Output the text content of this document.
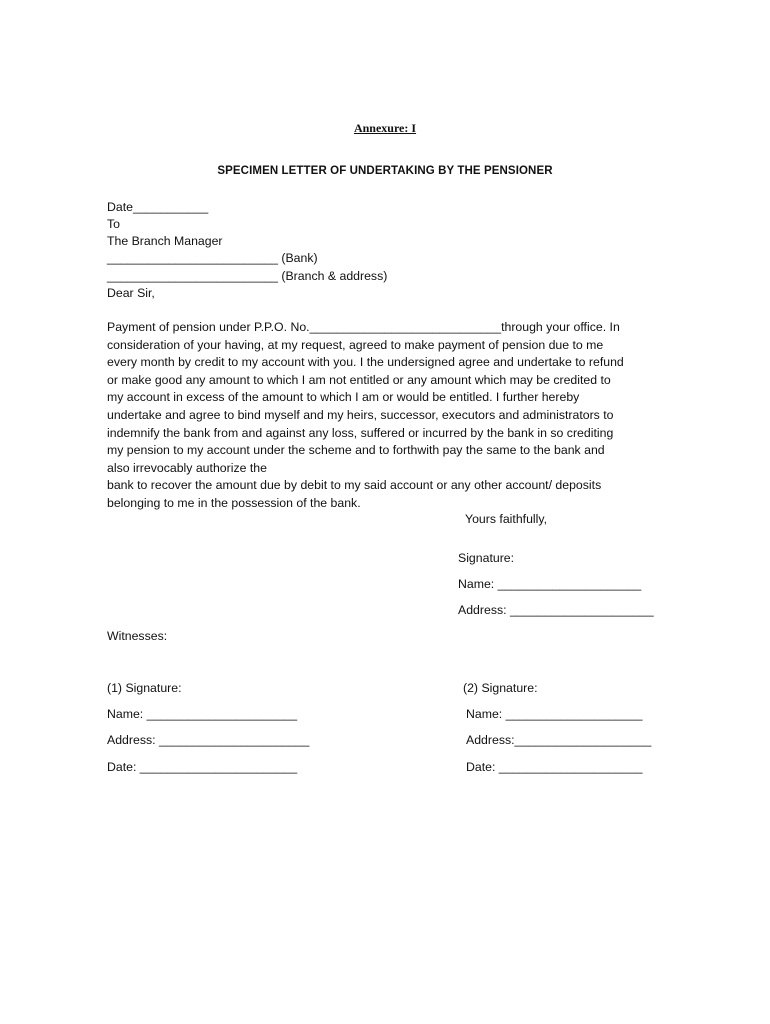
Annexure: I
SPECIMEN LETTER OF UNDERTAKING BY THE PENSIONER
Date___________
To
The Branch Manager
_________________________ (Bank)
_________________________ (Branch & address)
Dear Sir,
Payment of pension under P.P.O. No.____________________________through your office. In
consideration of your having, at my request, agreed to make payment of pension due to me
every month by credit to my account with you. I the undersigned agree and undertake to refund
or make good any amount to which I am not entitled or any amount which may be credited to
my account in excess of the amount to which I am or would be entitled. I further hereby
undertake and agree to bind myself and my heirs, successor, executors and administrators to
indemnify the bank from and against any loss, suffered or incurred by the bank in so crediting
my pension to my account under the scheme and to forthwith pay the same to the bank and
also irrevocably authorize the
bank to recover the amount due by debit to my said account or any other account/ deposits
belonging to me in the possession of the bank.
Yours faithfully,
Signature:
Name: _____________________
Address: _____________________
Witnesses:
(1) Signature:
Name: ______________________
Address: ______________________
Date: _______________________
(2) Signature:
Name: ____________________
Address:____________________
Date: _____________________
